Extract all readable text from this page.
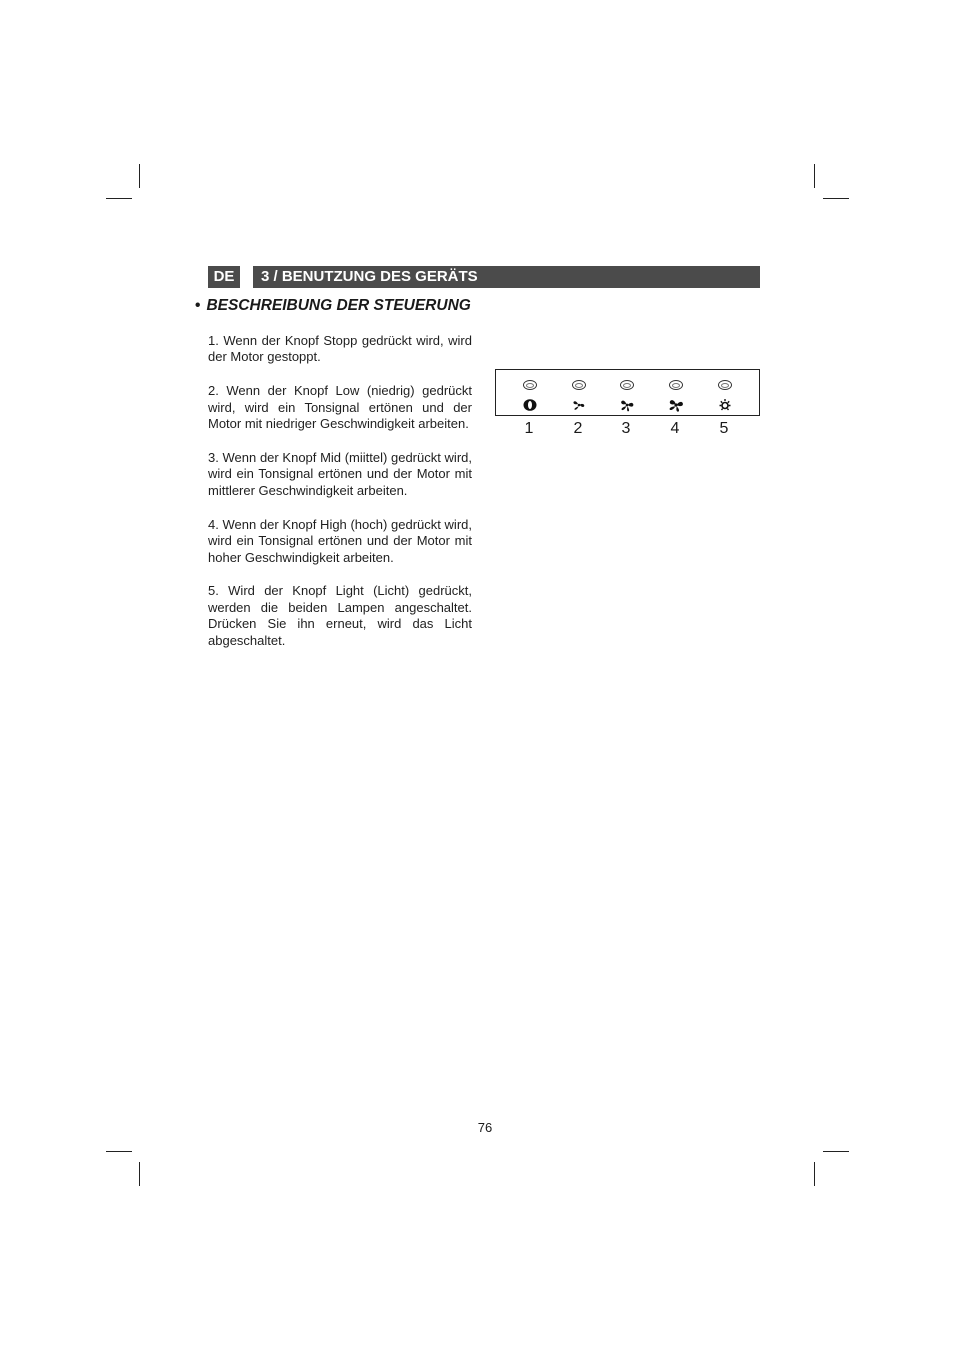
DE	3 / BENUTZUNG DES GERÄTS
• BESCHREIBUNG DER STEUERUNG

1. Wenn der Knopf Stopp gedrückt wird, wird der Motor gestoppt.

2. Wenn der Knopf Low (niedrig) gedrückt wird, wird ein Tonsignal ertönen und der Motor mit niedriger Geschwindigkeit arbeiten.

3. Wenn der Knopf Mid (miittel) gedrückt wird, wird ein Tonsignal ertönen und der Motor mit mittlerer Geschwindigkeit arbeiten.

4. Wenn der Knopf High (hoch) gedrückt wird, wird ein Tonsignal ertönen und der Motor mit hoher Geschwindigkeit arbeiten.

5. Wird der Knopf Light (Licht) gedrückt, werden die beiden Lampen angeschaltet. Drücken Sie ihn erneut, wird das Licht abgeschaltet.

1	2	3	4	5
76
